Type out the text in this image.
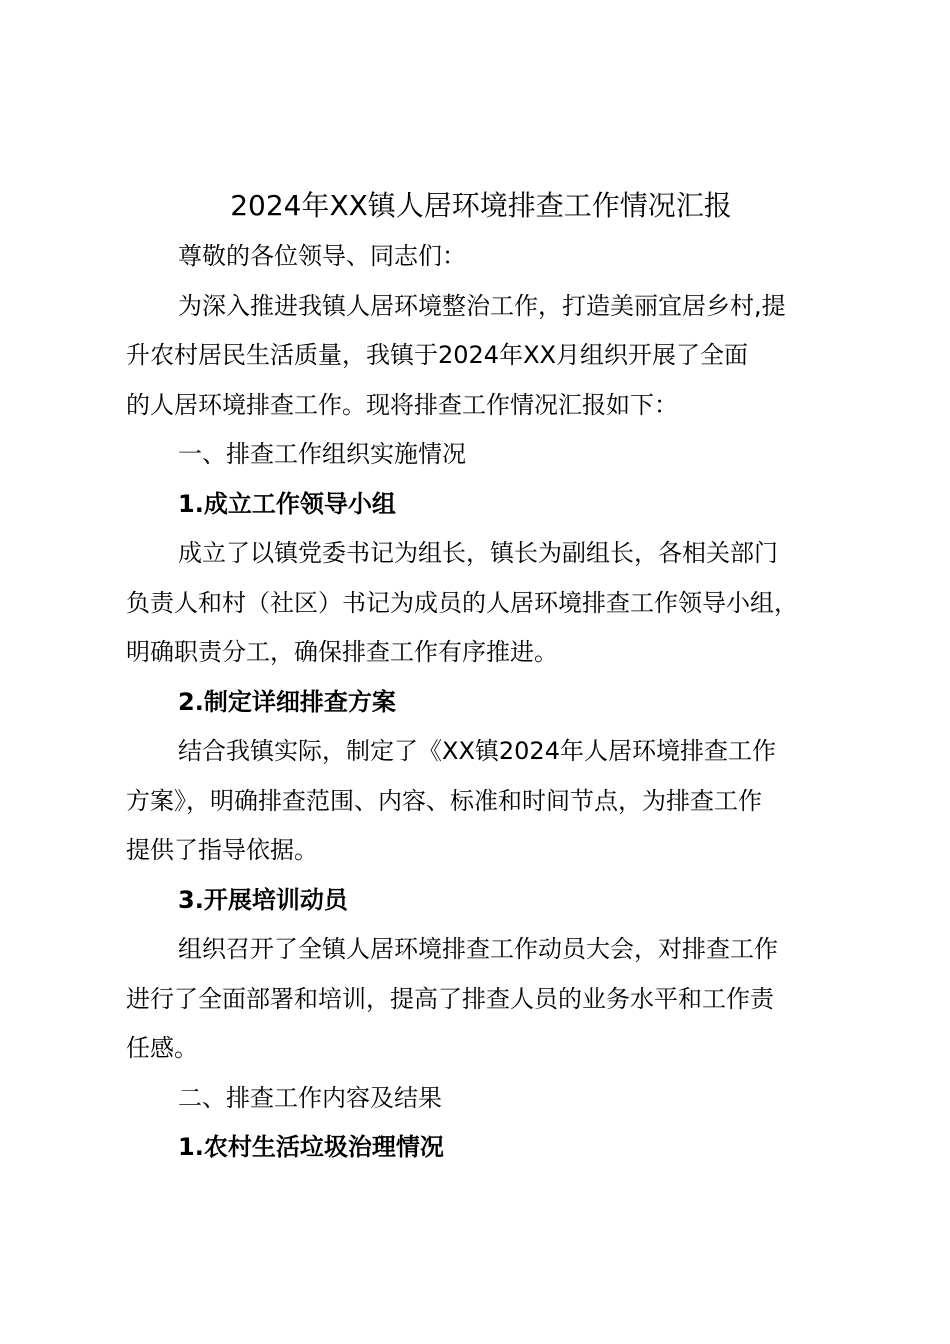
2024年XX镇人居环境排查工作情况汇报

尊敬的各位领导、同志们：

为深入推进我镇人居环境整治工作，打造美丽宜居乡村,提

升农村居民生活质量，我镇于2024年XX月组织开展了全面

的人居环境排查工作。现将排查工作情况汇报如下：

一、排查工作组织实施情况

1.成立工作领导小组

成立了以镇党委书记为组长，镇长为副组长，各相关部门

负责人和村（社区）书记为成员的人居环境排查工作领导小组，

明确职责分工，确保排查工作有序推进。

2.制定详细排查方案

结合我镇实际，制定了《XX镇2024年人居环境排查工作

方案》，明确排查范围、内容、标准和时间节点，为排查工作

提供了指导依据。

3.开展培训动员

组织召开了全镇人居环境排查工作动员大会，对排查工作

进行了全面部署和培训，提高了排查人员的业务水平和工作责

任感。

二、排查工作内容及结果

1.农村生活垃圾治理情况
